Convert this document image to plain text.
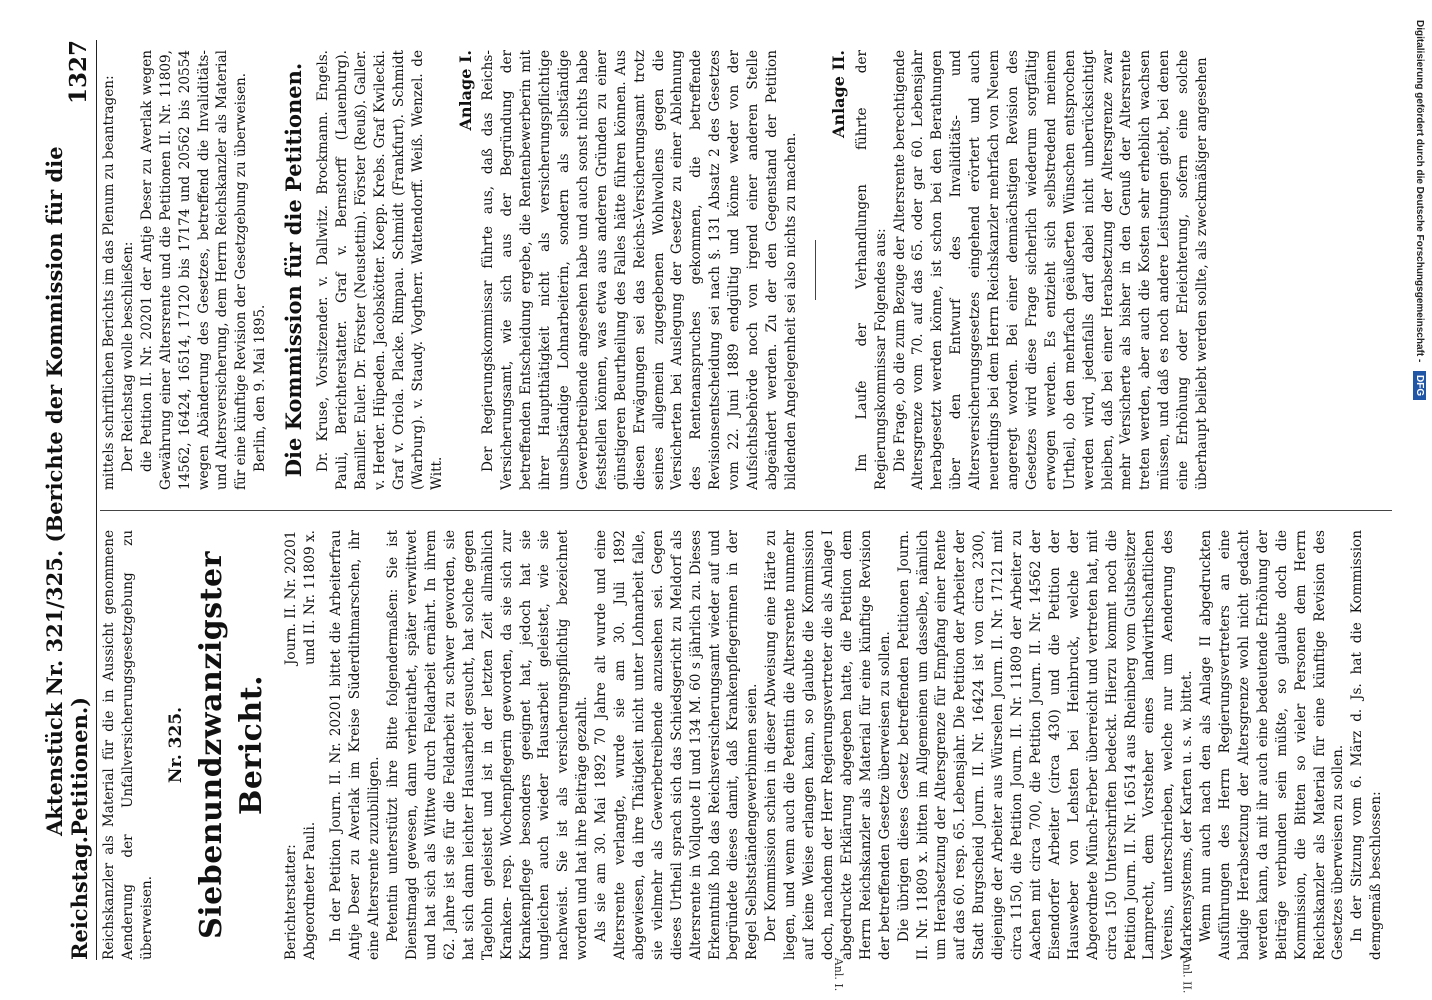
Reichstag.
Aktenstück Nr. 321/325. (Berichte der Kommission für die Petitionen.)
1327

Reichskanzler als Material für die in Aussicht genommene Aenderung der Unfallversicherungsgesetzgebung zu überweisen.

Nr. 325. Siebenundzwanzigster Bericht.

Berichterstatter: Abgeordneter Pauli.
Journ. II. Nr. 20201 und II. Nr. 11809 x. In der Petition Journ. II. Nr. 20201 bittet die Arbeiterfrau Antje Deser zu Averlak im Kreise Süderdithmarschen, ihr eine Altersrente zuzubilligen. Petentin unterstützt ihre Bitte folgendermaßen: Sie ist Dienstmagd gewesen, dann verheirathet, später verwittwet und hat sich als Wittwe durch Feldarbeit ernährt. In ihrem 62. Jahre ist sie für die Feldarbeit zu schwer geworden, sie hat sich dann leichter Hausarbeit gesucht, hat solche gegen Tagelohn geleistet und ist in der letzten Zeit allmählich Kranken- resp. Wochenpflegerin geworden, da sie sich zur Krankenpflege besonders geeignet hat, jedoch hat sie ungleichen auch wieder Hausarbeit geleistet, wie sie nachweist. Sie ist als versicherungspflichtig bezeichnet worden und hat ihre Beiträge gezahlt. Als sie am 30. Mai 1892 70 Jahre alt wurde und eine Altersrente verlangte, wurde sie am 30. Juli 1892 abgewiesen, da ihre Thätigkeit nicht unter Lohnarbeit falle, sie vielmehr als Gewerbetreibende anzusehen sei. Gegen dieses Urtheil sprach sich das Schiedsgericht zu Meldorf als Altersrente in Vollquote II und 134 M. 60 s jährlich zu. Dieses Erkenntniß hob das Reichsversicherungsamt wieder auf und begründete dieses damit, daß Krankenpflegerinnen in der Regel Selbstständengewerbinnen seien. Der Kommission schien in dieser Abweisung eine Härte zu liegen, und wenn auch die Petentin die Altersrente nunmehr auf keine Weise erlangen kann, so glaubte die Kommission doch, nachdem der Herr Regierungsvertreter die als Anlage I abgedruckte Erklärung abgegeben hatte, die Petition dem Herrn Reichskanzler als Material für eine künftige Revision der betreffenden Gesetze überweisen zu sollen. Die übrigen dieses Gesetz betreffenden Petitionen Journ. II. Nr. 11809 x. bitten im Allgemeinen um dasselbe, nämlich um Herabsetzung der Altersgrenze für Empfang einer Rente auf das 60. resp. 65. Lebensjahr. Die Petition der Arbeiter der Stadt Burgscheid Journ. II. Nr. 16424 ist von circa 2300, diejenige der Arbeiter aus Würselen Journ. II. Nr. 17121 mit circa 1150, die Petition Journ. II. Nr. 11809 der Arbeiter zu Aachen mit circa 700, die Petition Journ. II. Nr. 14562 der Eisendorfer Arbeiter (circa 430) und die Petition der Hausweber von Lehsten bei Heinbruck, welche der Abgeordnete Münch-Ferber überreicht und vertreten hat, mit circa 150 Unterschriften bedeckt. Hierzu kommt noch die Petition Journ. II. Nr. 16514 aus Rheinberg vom Gutsbesitzer Lamprecht, dem Vorsteher eines landwirthschaftlichen Vereins, unterschrieben, welche nur um Aenderung des Markensystems, der Karten u. s. w. bittet. Wenn nun auch nach den als Anlage II abgedruckten Ausführungen des Herrn Regierungsvertreters an eine baldige Herabsetzung der Altersgrenze wohl nicht gedacht werden kann, da mit ihr auch eine bedeutende Erhöhung der Beiträge verbunden sein müßte, so glaubte doch die Kommission, die Bitten so vieler Personen dem Herrn Reichskanzler als Material für eine künftige Revision des Gesetzes überweisen zu sollen. In der Sitzung vom 6. März d. Js. hat die Kommission demgemäß beschlossen:

mittels schriftlichen Berichts im das Plenum zu beantragen: Der Reichstag wolle beschließen: die Petition II. Nr. 20201 der Antje Deser zu Averlak wegen Gewährung einer Altersrente und die Petitionen II. Nr. 11809, 14562, 16424, 16514, 17120 bis 17174 und 20562 bis 20554 wegen Abänderung des Gesetzes, betreffend die Invaliditäts- und Altersversicherung, dem Herrn Reichskanzler als Material für eine künftige Revision der Gesetzgebung zu überweisen. Berlin, den 9. Mai 1895. Die Kommission für die Petitionen. Dr. Kruse, Vorsitzender. v. Dallwitz. Brockmann. Engels. Pauli, Berichterstatter. Graf v. Bernstorff (Lauenburg). Bamiller. Euler. Dr. Förster (Neustettin). Förster (Reuß). Galler. v. Herder. Hüpeden. Jacobskötter. Koepp. Krebs. Graf Kwilecki. Graf v. Oriola. Placke. Rimpau. Schmidt (Frankfurt). Schmidt (Warburg). v. Staudy. Vogtherr. Wattendorff. Weiß. Wenzel. de Witt.

Anlage I. Der Regierungskommissar führte aus, daß das Reichs-Versicherungsamt, wie sich aus der Begründung der betreffenden Entscheidung ergebe, die Rentenbewerberin mit ihrer Hauptthätigkeit nicht als versicherungspflichtige unselbständige Lohnarbeiterin, sondern als selbständige Gewerbetreibende angesehen habe und auch sonst nichts habe feststellen können, was etwa aus anderen Gründen zu einer günstigeren Beurtheilung des Falles hätte führen können. Aus diesen Erwägungen sei das Reichs-Versicherungsamt trotz seines allgemein zugegebenen Wohlwollens gegen die Versicherten bei Auslegung der Gesetze zu einer Ablehnung des Rentenanspruches gekommen, die betreffende Revisionsentscheidung sei nach §. 131 Absatz 2 des Gesetzes vom 22. Juni 1889 endgültig und könne weder von der Aufsichtsbehörde noch von irgend einer anderen Stelle abgeändert werden. Zu der den Gegenstand der Petition bildenden Angelegenheit sei also nichts zu machen.

Anlage II. Im Laufe der Verhandlungen führte der Regierungskommissar Folgendes aus: Die Frage, ob die zum Bezuge der Altersrente berechtigende Altersgrenze vom 70. auf das 65. oder gar 60. Lebensjahr herabgesetzt werden könne, ist schon bei den Berathungen über den Entwurf des Invaliditäts- und Altersversicherungsgesetzes eingehend erörtert und auch neuerdings bei dem Herrn Reichskanzler mehrfach von Neuem angeregt worden. Bei einer demnächstigen Revision des Gesetzes wird diese Frage sicherlich wiederum sorgfältig erwogen werden. Es entzieht sich selbstredend meinem Urtheil, ob den mehrfach geäußerten Wünschen entsprochen werden wird, jedenfalls darf dabei nicht unberücksichtigt bleiben, daß bei einer Herabsetzung der Altersgrenze zwar mehr Versicherte als bisher in den Genuß der Altersrente treten werden, aber auch die Kosten sehr erheblich wachsen müssen, und daß es noch andere Leistungen giebt, bei denen eine Erhöhung oder Erleichterung, sofern eine solche überhaupt beliebt werden sollte, als zweckmäßiger angesehen

Anl. I.	Anl. II.
Digitalisierung gefördert durch die Deutsche Forschungsgemeinschaft - DFG
